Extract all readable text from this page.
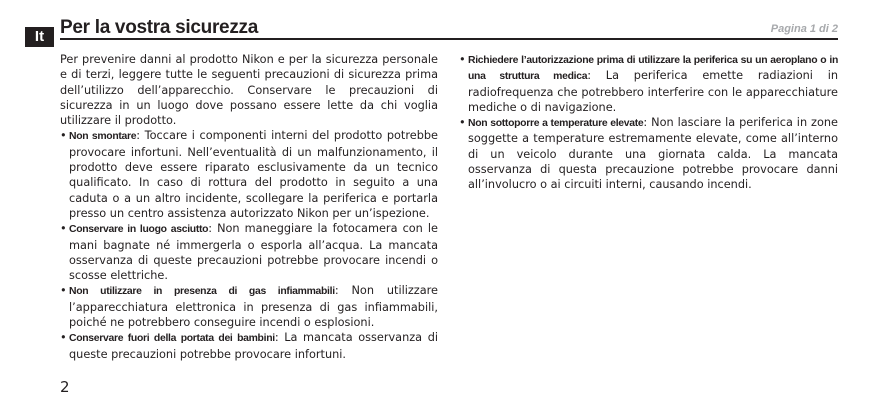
It Per la vostra sicurezza	Pagina 1 di 2

Per prevenire danni al prodotto Nikon e per la sicurezza personale e di terzi, leggere tutte le seguenti precauzioni di sicurezza prima dell’utilizzo dell’apparecchio. Conservare le precauzioni di sicurezza in un luogo dove possano essere lette da chi voglia utilizzare il prodotto.

• Non smontare: Toccare i componenti interni del prodotto potrebbe provocare infortuni. Nell’eventualità di un malfunzionamento, il prodotto deve essere riparato esclusivamente da un tecnico qualificato. In caso di rottura del prodotto in seguito a una caduta o a un altro incidente, scollegare la periferica e portarla presso un centro assistenza autorizzato Nikon per un’ispezione.
• Conservare in luogo asciutto: Non maneggiare la fotocamera con le mani bagnate né immergerla o esporla all’acqua. La mancata osservanza di queste precauzioni potrebbe provocare incendi o scosse elettriche.
• Non utilizzare in presenza di gas infiammabili: Non utilizzare l’apparecchiatura elettronica in presenza di gas infiammabili, poiché ne potrebbero conseguire incendi o esplosioni.
• Conservare fuori della portata dei bambini: La mancata osservanza di queste precauzioni potrebbe provocare infortuni.
• Richiedere l’autorizzazione prima di utilizzare la periferica su un aeroplano o in una struttura medica: La periferica emette radiazioni in radiofrequenza che potrebbero interferire con le apparecchiature mediche o di navigazione.
• Non sottoporre a temperature elevate: Non lasciare la periferica in zone soggette a temperature estremamente elevate, come all’interno di un veicolo durante una giornata calda. La mancata osservanza di questa precauzione potrebbe provocare danni all’involucro o ai circuiti interni, causando incendi.
2
